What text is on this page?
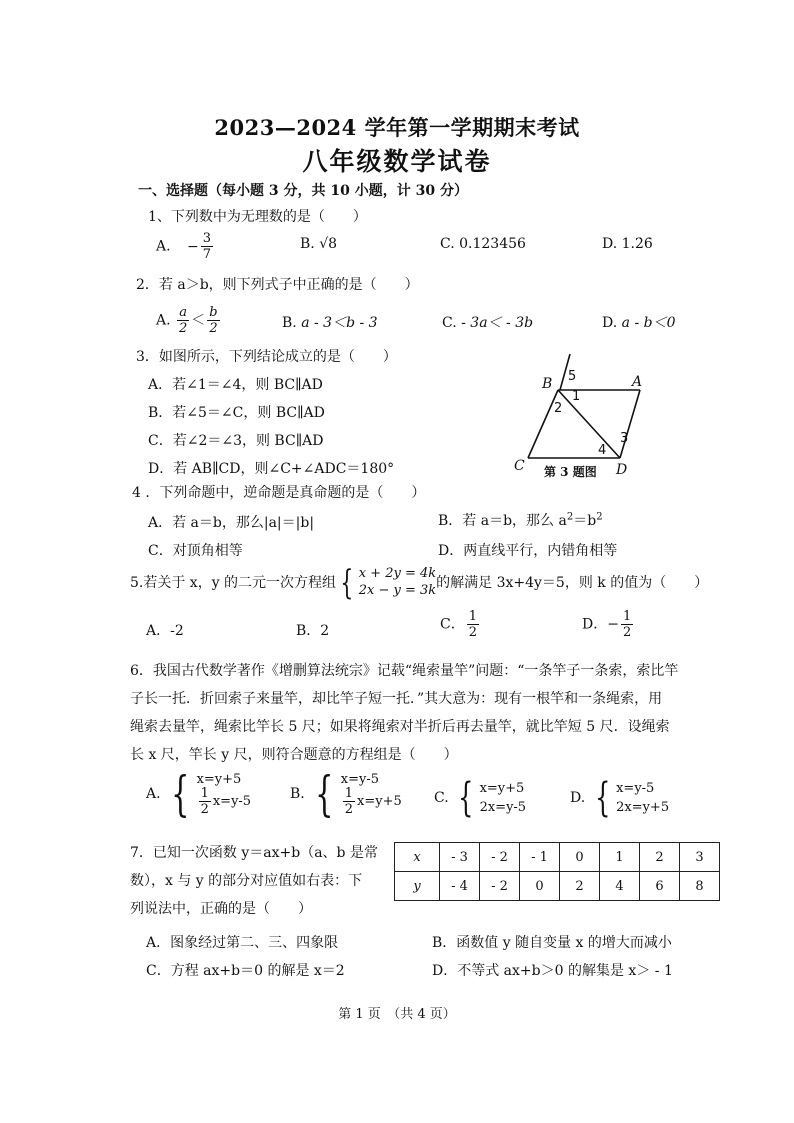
2023—2024 学年第一学期期末考试
八年级数学试卷
一、选择题（每小题 3 分，共 10 小题，计 30 分）
1、下列数中为无理数的是（　　）
A. − $\frac{3}{7}$	B. √8	C. 0.123456	D. 1.2̇6̇
2．若 a＞b，则下列式子中正确的是（　　）
A. $\frac{a}{2} < \frac{b}{2}$	B. a - 3＜b - 3	C. - 3a＜ - 3b	D. a - b＜0
3．如图所示，下列结论成立的是（　　）
A．若∠1＝∠4，则 BC∥AD
B．若∠5＝∠C，则 BC∥AD
C．若∠2＝∠3，则 BC∥AD
D．若 AB∥CD，则∠C+∠ADC＝180°
B	A
C	D
1
2
3
4
5
第 3 题图
4 ．下列命题中，逆命题是真命题的是（　　）
A．若 a＝b，那么|a|＝|b|	B．若 a＝b，那么 $a^2=b^2$
C．对顶角相等	D．两直线平行，内错角相等
5.若关于 x，y 的二元一次方程组 { x + 2y = 4k
2x − y = 3k 的解满足 3x+4y＝5，则 k 的值为（　　）
A．-2	B．2	C． $\frac{1}{2}$	D．− $\frac{1}{2}$
6．我国古代数学著作《增删算法统宗》记载“绳索量竿”问题：“一条竿子一条索，索比竿
子长一托．折回索子来量竿，却比竿子短一托．”其大意为：现有一根竿和一条绳索，用
绳索去量竿，绳索比竿长 5 尺；如果将绳索对半折后再去量竿，就比竿短 5 尺．设绳索
长 x 尺，竿长 y 尺，则符合题意的方程组是（　　）
A. { x=y+5
$\frac{1}{2} x=y-5$	B. { x=y-5
$\frac{1}{2} x=y+5$ C. { x=y+5
2x=y-5
D. { x=y-5
2x=y+5
7．已知一次函数 y＝ax+b（a、b 是常
数），x 与 y 的部分对应值如右表：下
列说法中，正确的是（　　）
x	- 3	- 2	- 1	0	1	2	3
y	- 4	- 2	0	2	4	6	8
A．图象经过第二、三、四象限	B．函数值 y 随自变量 x 的增大而减小
C．方程 ax+b＝0 的解是 x＝2	D．不等式 ax+b＞0 的解集是 x＞ - 1
第 1 页　（共 4 页）
